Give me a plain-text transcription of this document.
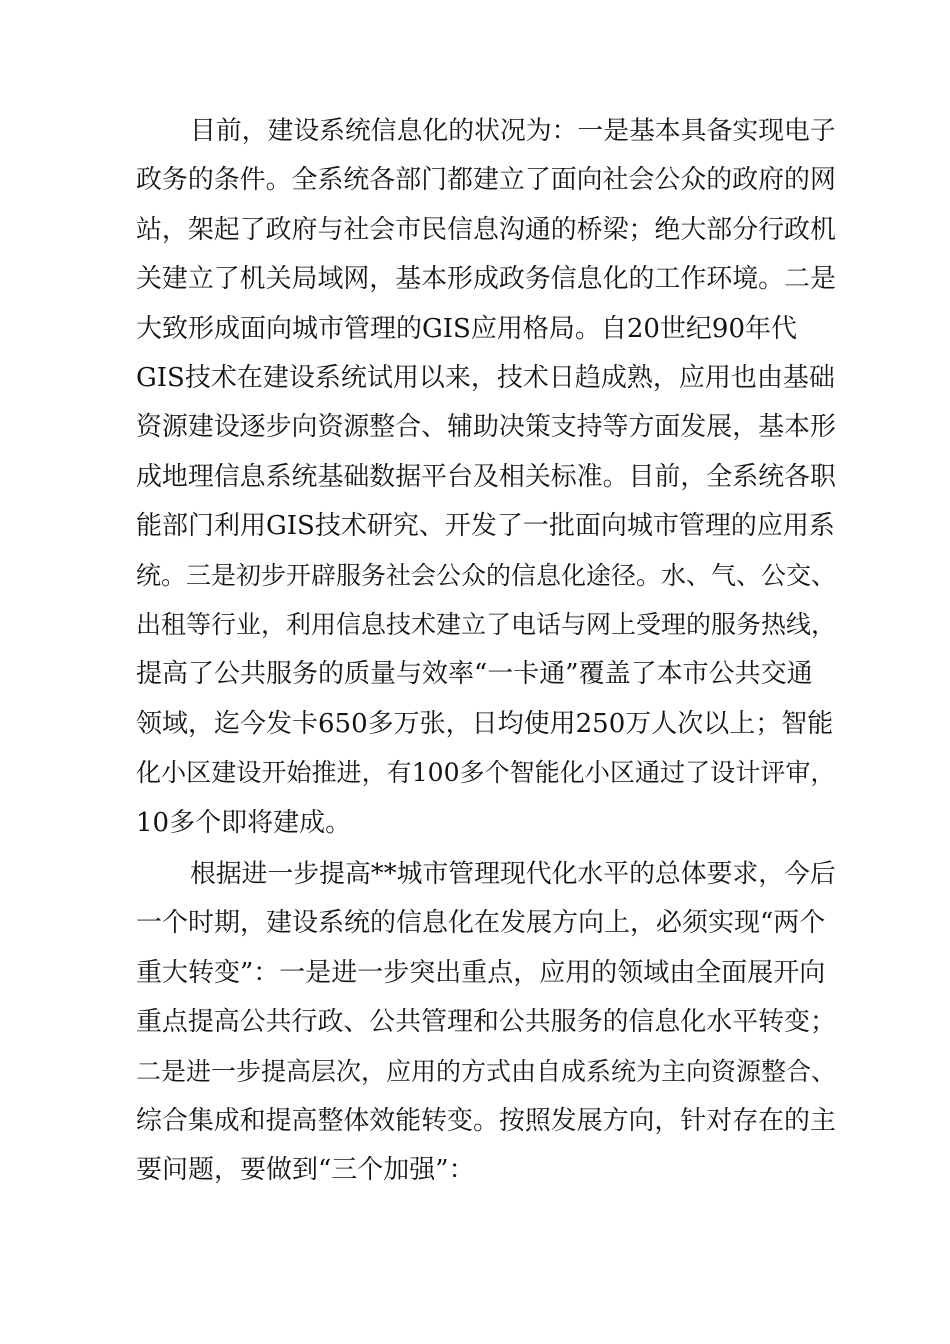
目前，建设系统信息化的状况为：一是基本具备实现电子
政务的条件。全系统各部门都建立了面向社会公众的政府的网
站，架起了政府与社会市民信息沟通的桥梁；绝大部分行政机
关建立了机关局域网，基本形成政务信息化的工作环境。二是
大致形成面向城市管理的GIS应用格局。自20世纪90年代
GIS技术在建设系统试用以来，技术日趋成熟，应用也由基础
资源建设逐步向资源整合、辅助决策支持等方面发展，基本形
成地理信息系统基础数据平台及相关标准。目前，全系统各职
能部门利用GIS技术研究、开发了一批面向城市管理的应用系
统。三是初步开辟服务社会公众的信息化途径。水、气、公交、
出租等行业，利用信息技术建立了电话与网上受理的服务热线，
提高了公共服务的质量与效率“一卡通”覆盖了本市公共交通
领域，迄今发卡650多万张，日均使用250万人次以上；智能
化小区建设开始推进，有100多个智能化小区通过了设计评审，
10多个即将建成。
根据进一步提高**城市管理现代化水平的总体要求，今后
一个时期，建设系统的信息化在发展方向上，必须实现“两个
重大转变”：一是进一步突出重点，应用的领域由全面展开向
重点提高公共行政、公共管理和公共服务的信息化水平转变；
二是进一步提高层次，应用的方式由自成系统为主向资源整合、
综合集成和提高整体效能转变。按照发展方向，针对存在的主
要问题，要做到“三个加强”：
